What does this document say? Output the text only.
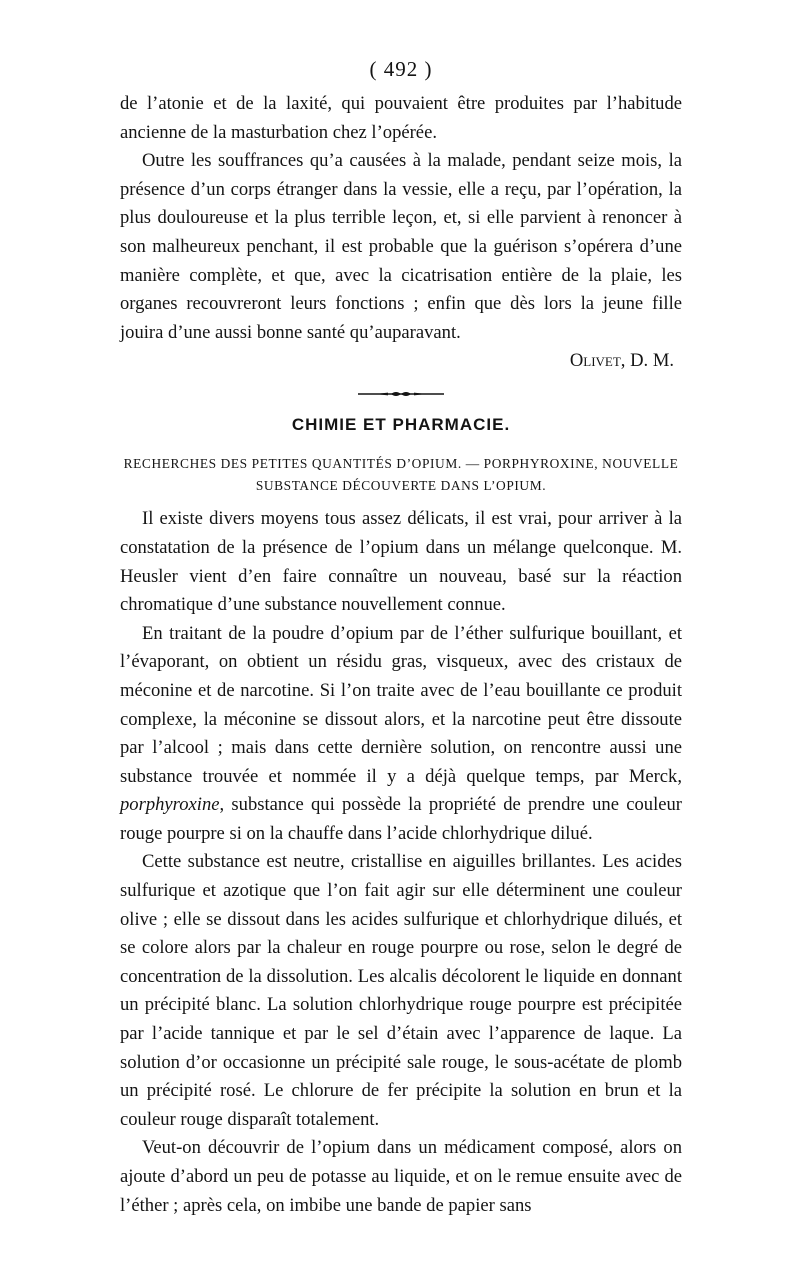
( 492 )

de l’atonie et de la laxité, qui pouvaient être produites par l’habitude ancienne de la masturbation chez l’opérée.

Outre les souffrances qu’a causées à la malade, pendant seize mois, la présence d’un corps étranger dans la vessie, elle a reçu, par l’opération, la plus douloureuse et la plus terrible leçon, et, si elle parvient à renoncer à son malheureux penchant, il est probable que la guérison s’opérera d’une manière complète, et que, avec la cicatrisation entière de la plaie, les organes recouvreront leurs fonctions ; enfin que dès lors la jeune fille jouira d’une aussi bonne santé qu’auparavant.

Olivet, D. M.

CHIMIE ET PHARMACIE.
RECHERCHES DES PETITES QUANTITÉS D’OPIUM. — PORPHYROXINE, NOUVELLE SUBSTANCE DÉCOUVERTE DANS L’OPIUM.

Il existe divers moyens tous assez délicats, il est vrai, pour arriver à la constatation de la présence de l’opium dans un mélange quelconque. M. Heusler vient d’en faire connaître un nouveau, basé sur la réaction chromatique d’une substance nouvellement connue.

En traitant de la poudre d’opium par de l’éther sulfurique bouillant, et l’évaporant, on obtient un résidu gras, visqueux, avec des cristaux de méconine et de narcotine. Si l’on traite avec de l’eau bouillante ce produit complexe, la méconine se dissout alors, et la narcotine peut être dissoute par l’alcool ; mais dans cette dernière solution, on rencontre aussi une substance trouvée et nommée il y a déjà quelque temps, par Merck, porphyroxine, substance qui possède la propriété de prendre une couleur rouge pourpre si on la chauffe dans l’acide chlorhydrique dilué.

Cette substance est neutre, cristallise en aiguilles brillantes. Les acides sulfurique et azotique que l’on fait agir sur elle déterminent une couleur olive ; elle se dissout dans les acides sulfurique et chlorhydrique dilués, et se colore alors par la chaleur en rouge pourpre ou rose, selon le degré de concentration de la dissolution. Les alcalis décolorent le liquide en donnant un précipité blanc. La solution chlorhydrique rouge pourpre est précipitée par l’acide tannique et par le sel d’étain avec l’apparence de laque. La solution d’or occasionne un précipité sale rouge, le sous-acétate de plomb un précipité rosé. Le chlorure de fer précipite la solution en brun et la couleur rouge disparaît totalement.

Veut-on découvrir de l’opium dans un médicament composé, alors on ajoute d’abord un peu de potasse au liquide, et on le remue ensuite avec de l’éther ; après cela, on imbibe une bande de papier sans
